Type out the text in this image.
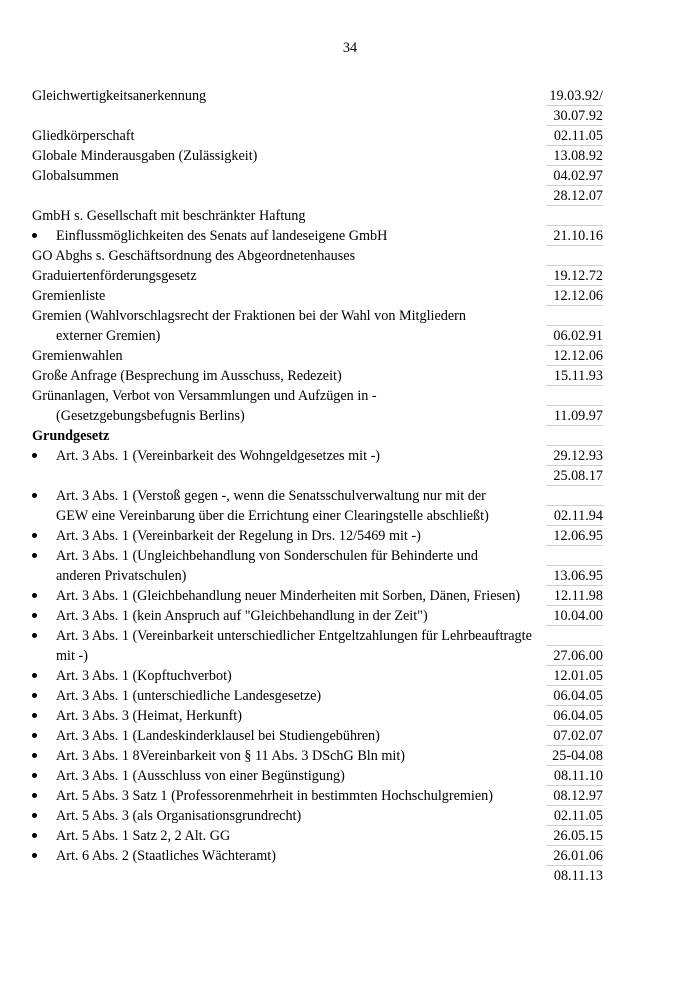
34
Gleichwertigkeitsanerkennung	19.03.92/
30.07.92
Gliedkörperschaft	02.11.05
Globale Minderausgaben (Zulässigkeit)	13.08.92
Globalsummen	04.02.97
28.12.07
GmbH s. Gesellschaft mit beschränkter Haftung
Einflussmöglichkeiten des Senats auf landeseigene GmbH	21.10.16
GO Abghs s. Geschäftsordnung des Abgeordnetenhauses
Graduiertenförderungsgesetz	19.12.72
Gremienliste	12.12.06
Gremien (Wahlvorschlagsrecht der Fraktionen bei der Wahl von Mitgliedern
externer Gremien)	06.02.91
Gremienwahlen	12.12.06
Große Anfrage (Besprechung im Ausschuss, Redezeit)	15.11.93
Grünanlagen, Verbot von Versammlungen und Aufzügen in -
(Gesetzgebungsbefugnis Berlins)	11.09.97
Grundgesetz
Art. 3 Abs. 1 (Vereinbarkeit des Wohngeldgesetzes mit -)	29.12.93
25.08.17
Art. 3 Abs. 1 (Verstoß gegen -, wenn die Senatsschulverwaltung nur mit der
GEW eine Vereinbarung über die Errichtung einer Clearingstelle abschließt)	02.11.94
Art. 3 Abs. 1 (Vereinbarkeit der Regelung in Drs. 12/5469 mit -)	12.06.95
Art. 3 Abs. 1 (Ungleichbehandlung von Sonderschulen für Behinderte und
anderen Privatschulen)	13.06.95
Art. 3 Abs. 1 (Gleichbehandlung neuer Minderheiten mit Sorben, Dänen, Friesen)	12.11.98
Art. 3 Abs. 1 (kein Anspruch auf "Gleichbehandlung in der Zeit")	10.04.00
Art. 3 Abs. 1 (Vereinbarkeit unterschiedlicher Entgeltzahlungen für Lehrbeauftragte
mit -)	27.06.00
Art. 3 Abs. 1 (Kopftuchverbot)	12.01.05
Art. 3 Abs. 1 (unterschiedliche Landesgesetze)	06.04.05
Art. 3 Abs. 3 (Heimat, Herkunft)	06.04.05
Art. 3 Abs. 1 (Landeskinderklausel bei Studiengebühren)	07.02.07
Art. 3 Abs. 1 8Vereinbarkeit von § 11 Abs. 3 DSchG Bln mit)	25-04.08
Art. 3 Abs. 1 (Ausschluss von einer Begünstigung)	08.11.10
Art. 5 Abs. 3 Satz 1 (Professorenmehrheit in bestimmten Hochschulgremien)	08.12.97
Art. 5 Abs. 3 (als Organisationsgrundrecht)	02.11.05
Art. 5 Abs. 1 Satz 2, 2 Alt. GG	26.05.15
Art. 6 Abs. 2 (Staatliches Wächteramt)	26.01.06
08.11.13
